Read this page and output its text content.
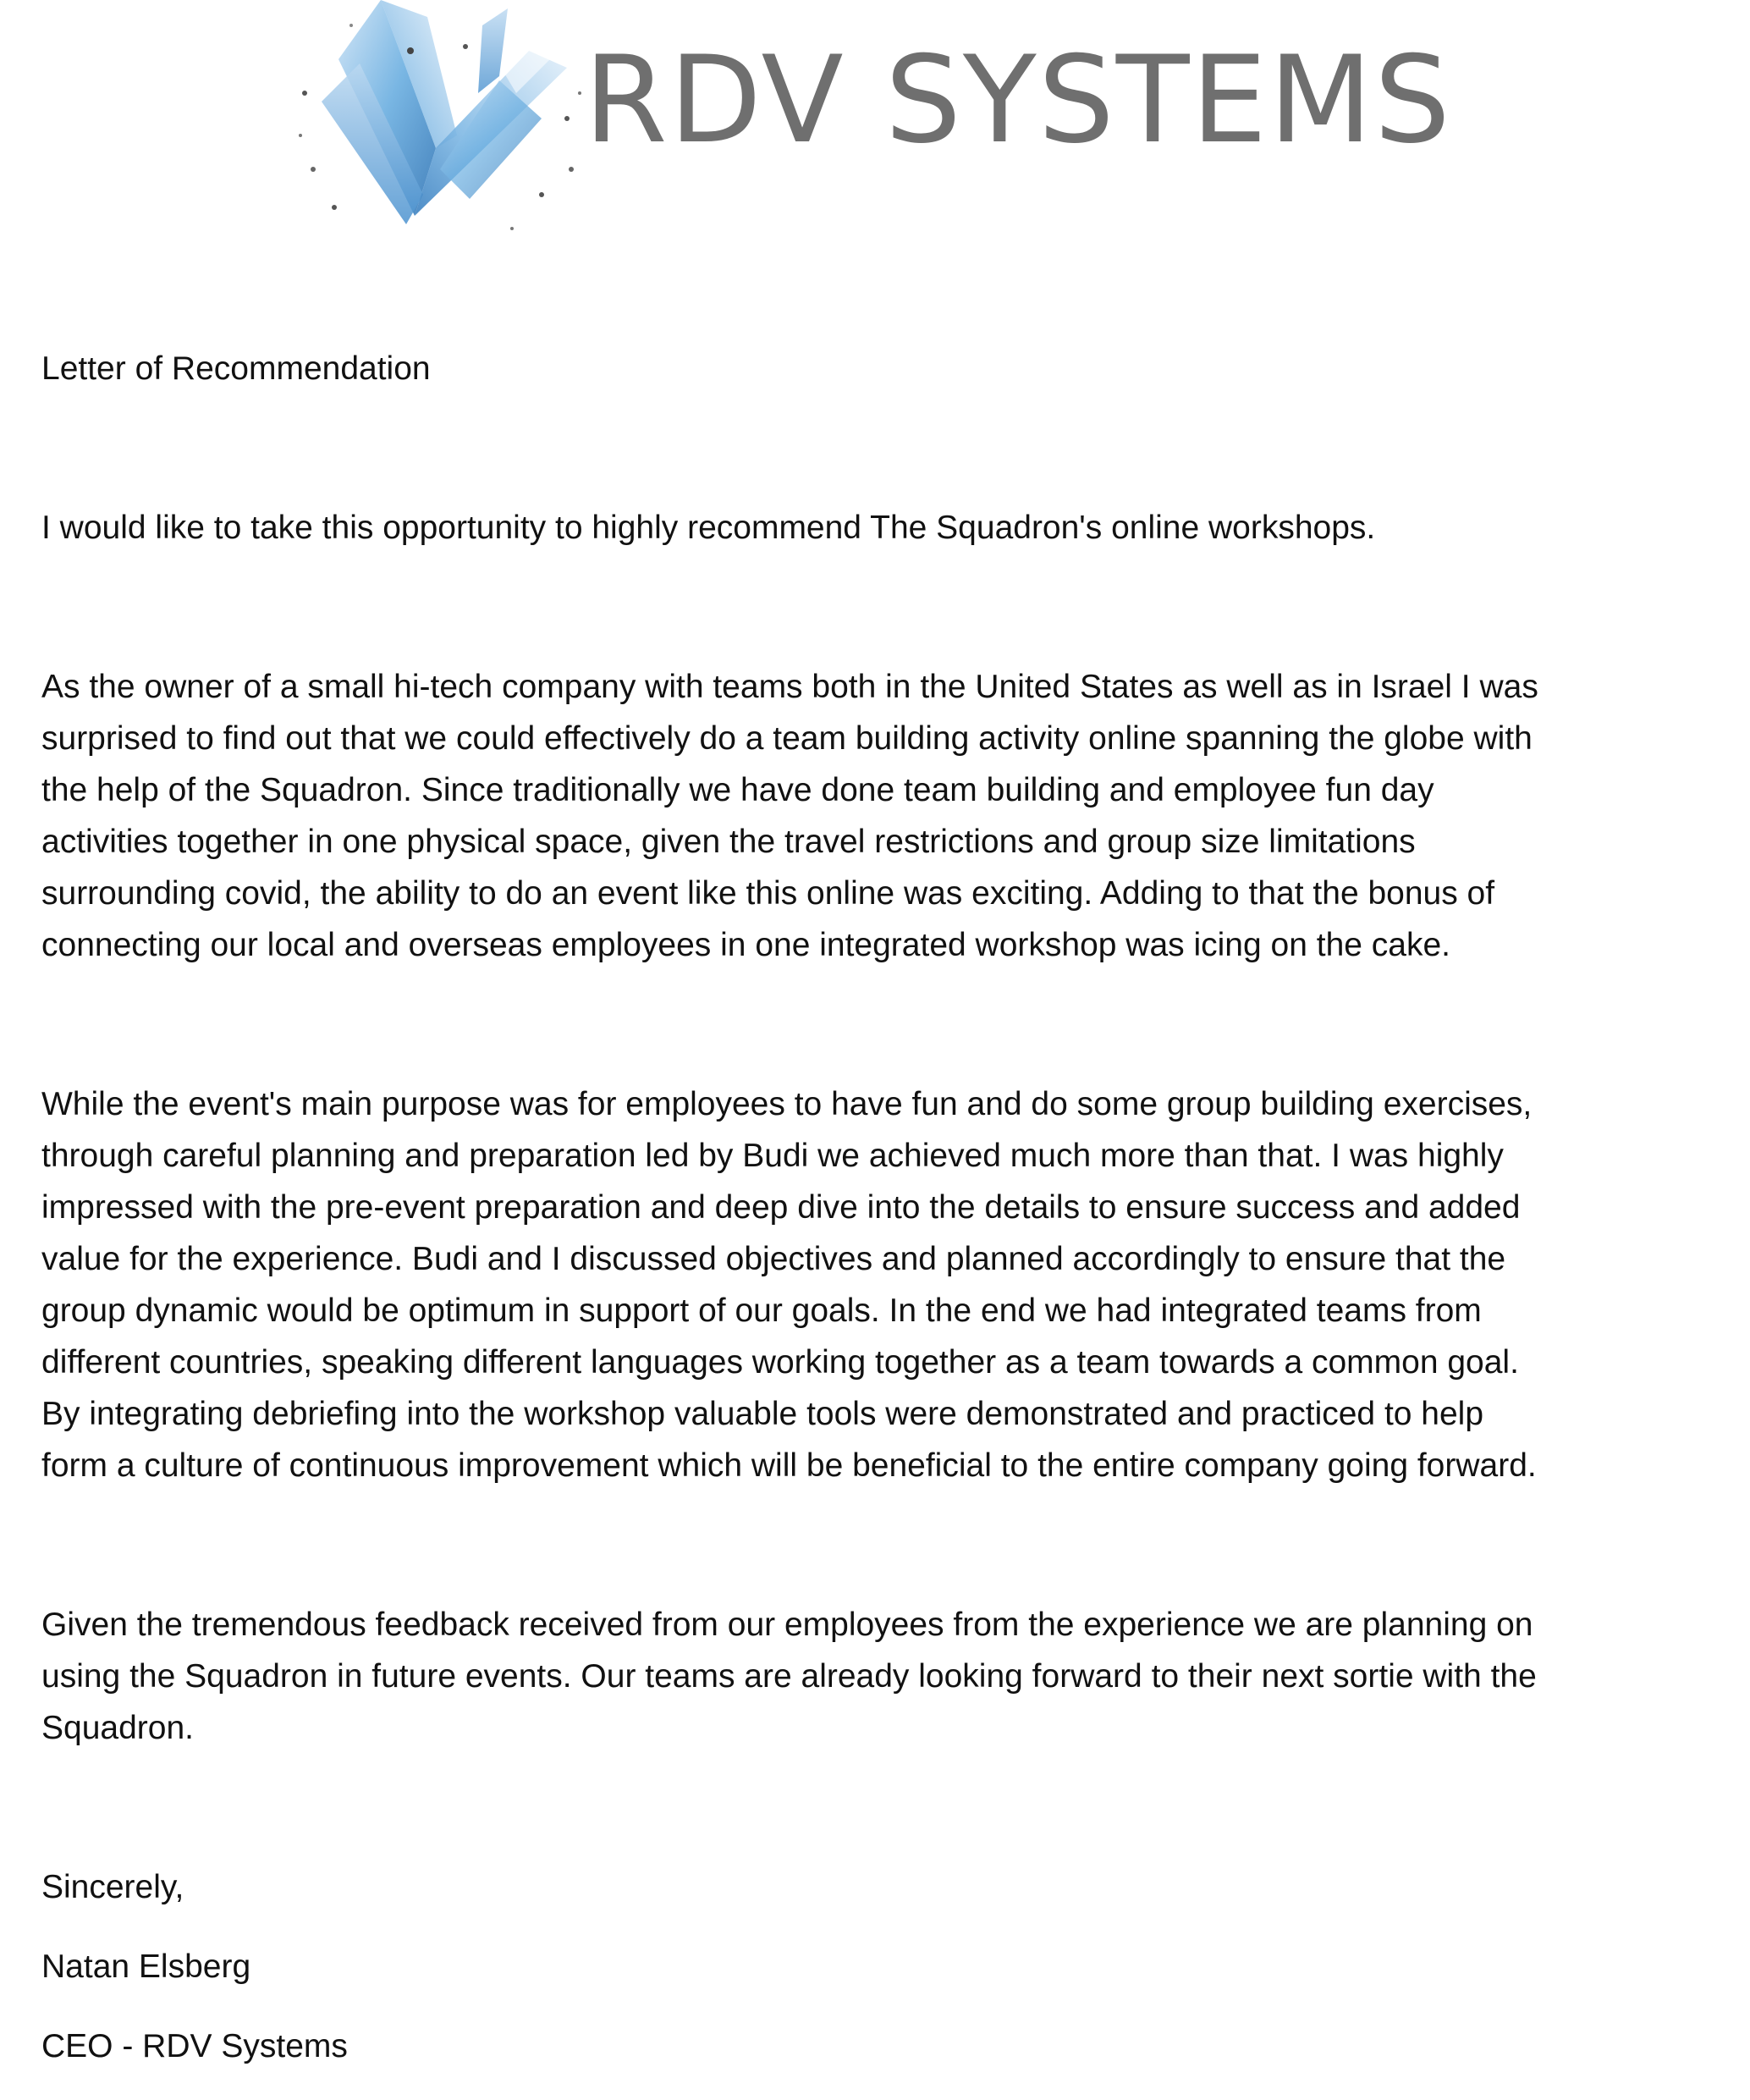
RDV SYSTEMS

Letter of Recommendation

I would like to take this opportunity to highly recommend The Squadron's online workshops.

As the owner of a small hi-tech company with teams both in the United States as well as in Israel I was

surprised to find out that we could effectively do a team building activity online spanning the globe with

the help of the Squadron. Since traditionally we have done team building and employee fun day

activities together in one physical space, given the travel restrictions and group size limitations

surrounding covid, the ability to do an event like this online was exciting. Adding to that the bonus of

connecting our local and overseas employees in one integrated workshop was icing on the cake.

While the event's main purpose was for employees to have fun and do some group building exercises,

through careful planning and preparation led by Budi we achieved much more than that. I was highly

impressed with the pre-event preparation and deep dive into the details to ensure success and added

value for the experience. Budi and I discussed objectives and planned accordingly to ensure that the

group dynamic would be optimum in support of our goals. In the end we had integrated teams from

different countries, speaking different languages working together as a team towards a common goal.

By integrating debriefing into the workshop valuable tools were demonstrated and practiced to help

form a culture of continuous improvement which will be beneficial to the entire company going forward.

Given the tremendous feedback received from our employees from the experience we are planning on

using the Squadron in future events. Our teams are already looking forward to their next sortie with the

Squadron.

Sincerely,

Natan Elsberg

CEO - RDV Systems
